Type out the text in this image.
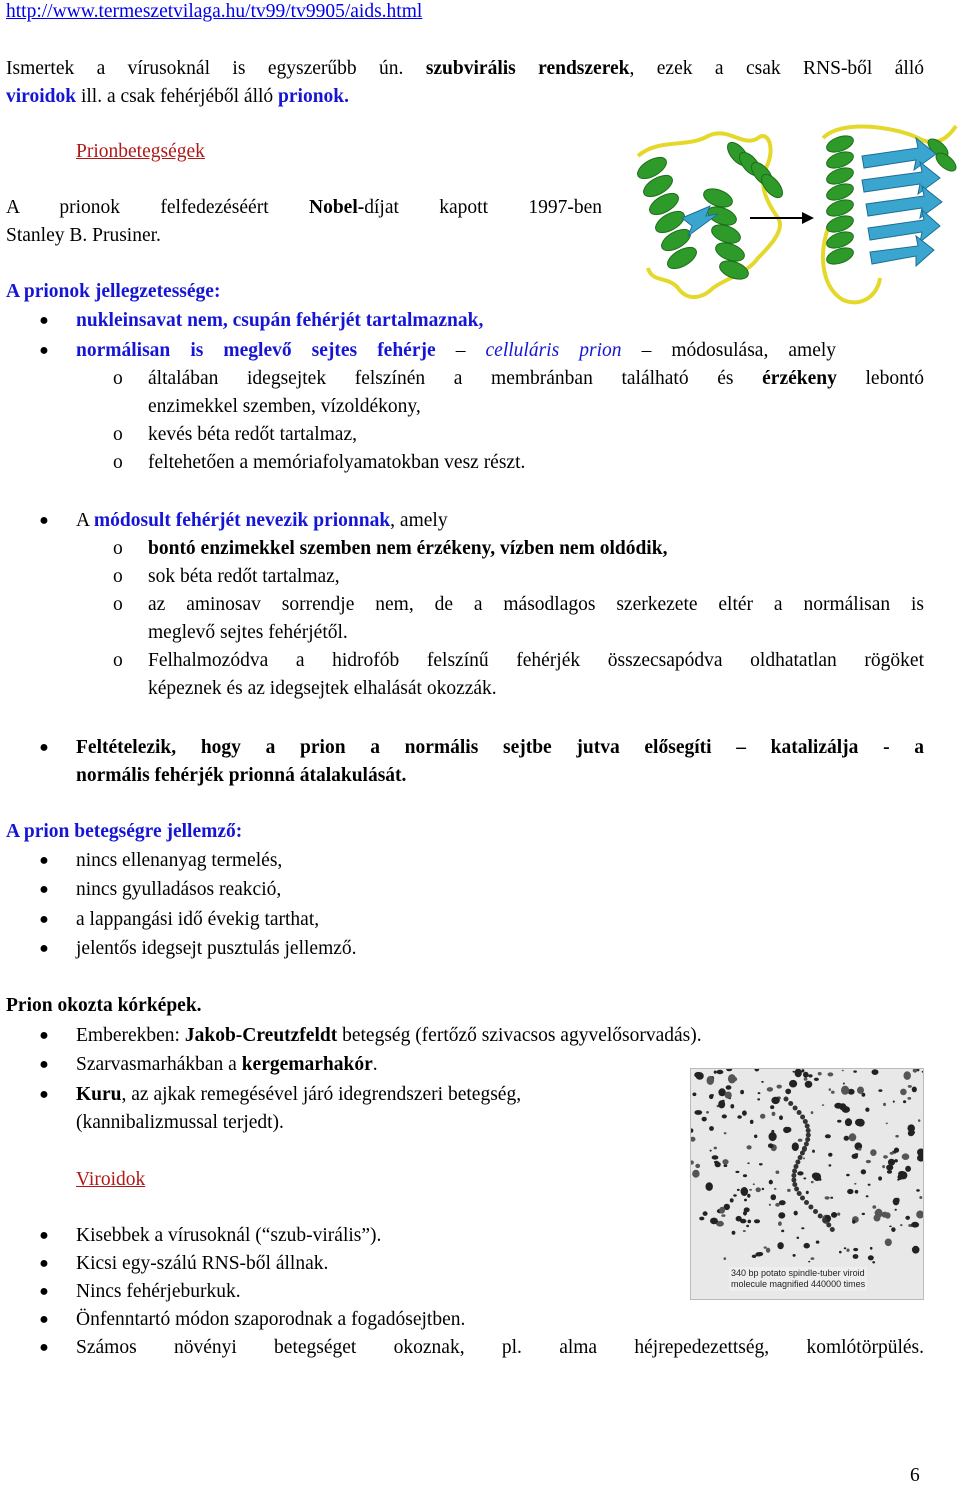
http://www.termeszetvilaga.hu/tv99/tv9905/aids.html
Ismertek a vírusoknál is egyszerűbb ún. szubvirális rendszerek, ezek a csak RNS-ből álló
viroidok ill. a csak fehérjéből álló prionok.
Prionbetegségek
A prionok felfedezéséért Nobel-díjat kapott 1997-ben
Stanley B. Prusiner.
A prionok jellegzetessége:
● nukleinsavat nem, csupán fehérjét tartalmaznak,
● normálisan is meglevő sejtes fehérje – celluláris prion – módosulása, amely
o általában idegsejtek felszínén a membránban található és érzékeny lebontó
enzimekkel szemben, vízoldékony,
o kevés béta redőt tartalmaz,
o feltehetően a memóriafolyamatokban vesz részt.
● A módosult fehérjét nevezik prionnak, amely
o bontó enzimekkel szemben nem érzékeny, vízben nem oldódik,
o sok béta redőt tartalmaz,
o az aminosav sorrendje nem, de a másodlagos szerkezete eltér a normálisan is
meglevő sejtes fehérjétől.
o Felhalmozódva a hidrofób felszínű fehérjék összecsapódva oldhatatlan rögöket
képeznek és az idegsejtek elhalását okozzák.
● Feltételezik, hogy a prion a normális sejtbe jutva elősegíti – katalizálja - a
normális fehérjék prionná átalakulását.
A prion betegségre jellemző:
● nincs ellenanyag termelés,
● nincs gyulladásos reakció,
● a lappangási idő évekig tarthat,
● jelentős idegsejt pusztulás jellemző.
Prion okozta kórképek.
● Emberekben: Jakob-Creutzfeldt betegség (fertőző szivacsos agyvelősorvadás).
● Szarvasmarhákban a kergemarhakór.
● Kuru, az ajkak remegésével járó idegrendszeri betegség,
(kannibalizmussal terjedt).
340 bp potato spindle-tuber viroid
molecule magnified 440000 times
Viroidok
● Kisebbek a vírusoknál (“szub-virális”).
● Kicsi egy-szálú RNS-ből állnak.
● Nincs fehérjeburkuk.
● Önfenntartó módon szaporodnak a fogadósejtben.
● Számos növényi betegséget okoznak, pl. alma héjrepedezettség, komlótörpülés.
6
